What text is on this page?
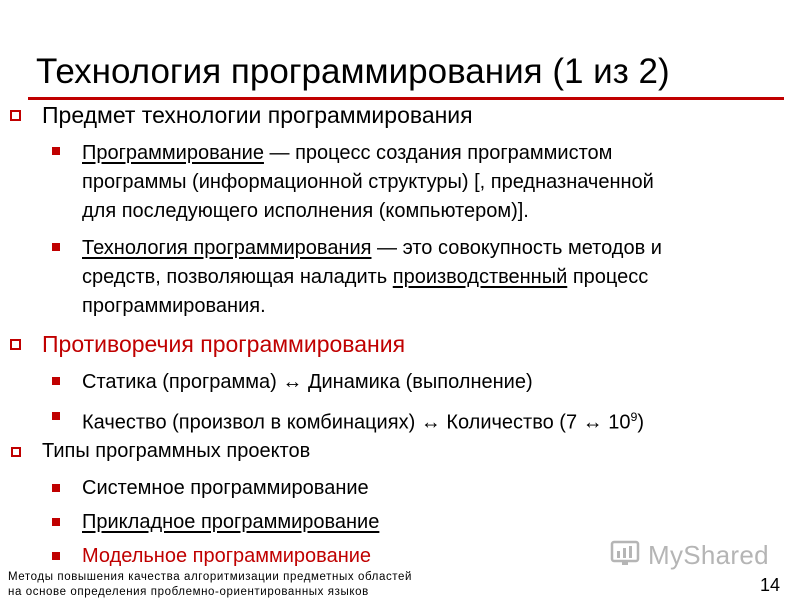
Технология программирования (1 из 2)
Предмет технологии программирования
Программирование — процесс создания программистом
программы (информационной структуры) [, предназначенной
для последующего исполнения (компьютером)].
Технология программирования — это совокупность методов и
средств, позволяющая наладить производственный процесс
программирования.
Противоречия программирования
Статика (программа) ↔ Динамика (выполнение)
Качество (произвол в комбинациях) ↔ Количество (7 ↔ $10^9$)
Типы программных проектов
Системное программирование
Прикладное программирование
Модельное программирование	MyShared
Методы повышения качества алгоритмизации предметных областей
на основе определения проблемно-ориентированных языков	14
